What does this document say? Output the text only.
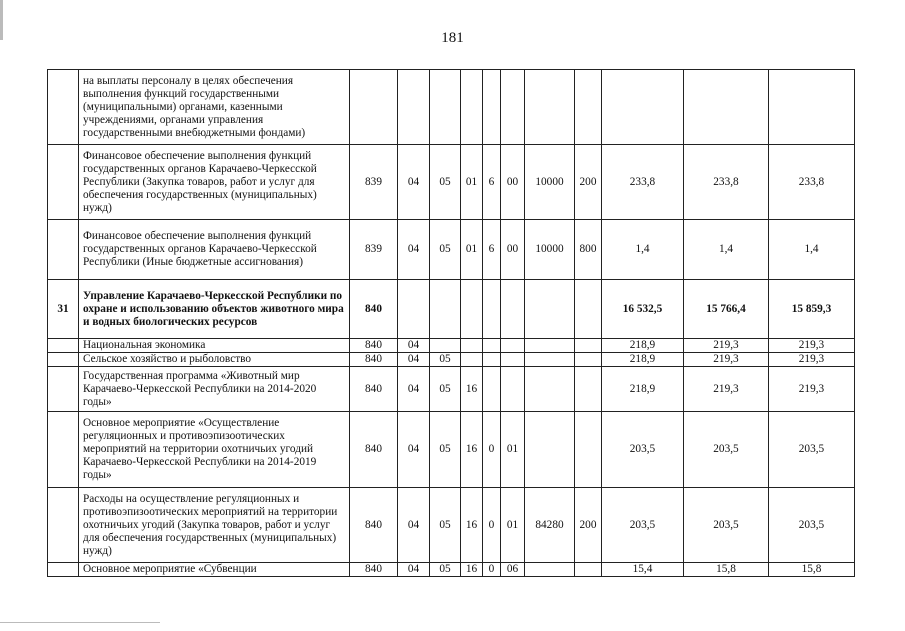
181
	на выплаты персоналу в целях обеспечения выполнения функций государственными (муниципальными) органами, казенными учреждениями, органами управления государственными внебюджетными фондами)											
	Финансовое обеспечение выполнения функций государственных органов Карачаево-Черкесской Республики (Закупка товаров, работ и услуг для обеспечения государственных (муниципальных) нужд)	839	04	05	01	6	00	10000	200	233,8	233,8	233,8
	Финансовое обеспечение выполнения функций государственных органов Карачаево-Черкесской Республики (Иные бюджетные ассигнования)	839	04	05	01	6	00	10000	800	1,4	1,4	1,4
31	Управление Карачаево-Черкесской Республики по охране и использованию объектов животного мира и водных биологических ресурсов	840								16 532,5	15 766,4	15 859,3
	Национальная экономика	840	04							218,9	219,3	219,3
	Сельское хозяйство и рыболовство	840	04	05						218,9	219,3	219,3
	Государственная программа «Животный мир Карачаево-Черкесской Республики на 2014-2020 годы»	840	04	05	16					218,9	219,3	219,3
	Основное мероприятие «Осуществление регуляционных и противоэпизоотических мероприятий на территории охотничьих угодий Карачаево-Черкесской Республики на 2014-2019 годы»	840	04	05	16	0	01			203,5	203,5	203,5
	Расходы на осуществление регуляционных и противоэпизоотических мероприятий на территории охотничьих угодий (Закупка товаров, работ и услуг для обеспечения государственных (муниципальных) нужд)	840	04	05	16	0	01	84280	200	203,5	203,5	203,5
	Основное мероприятие «Субвенции	840	04	05	16	0	06			15,4	15,8	15,8
